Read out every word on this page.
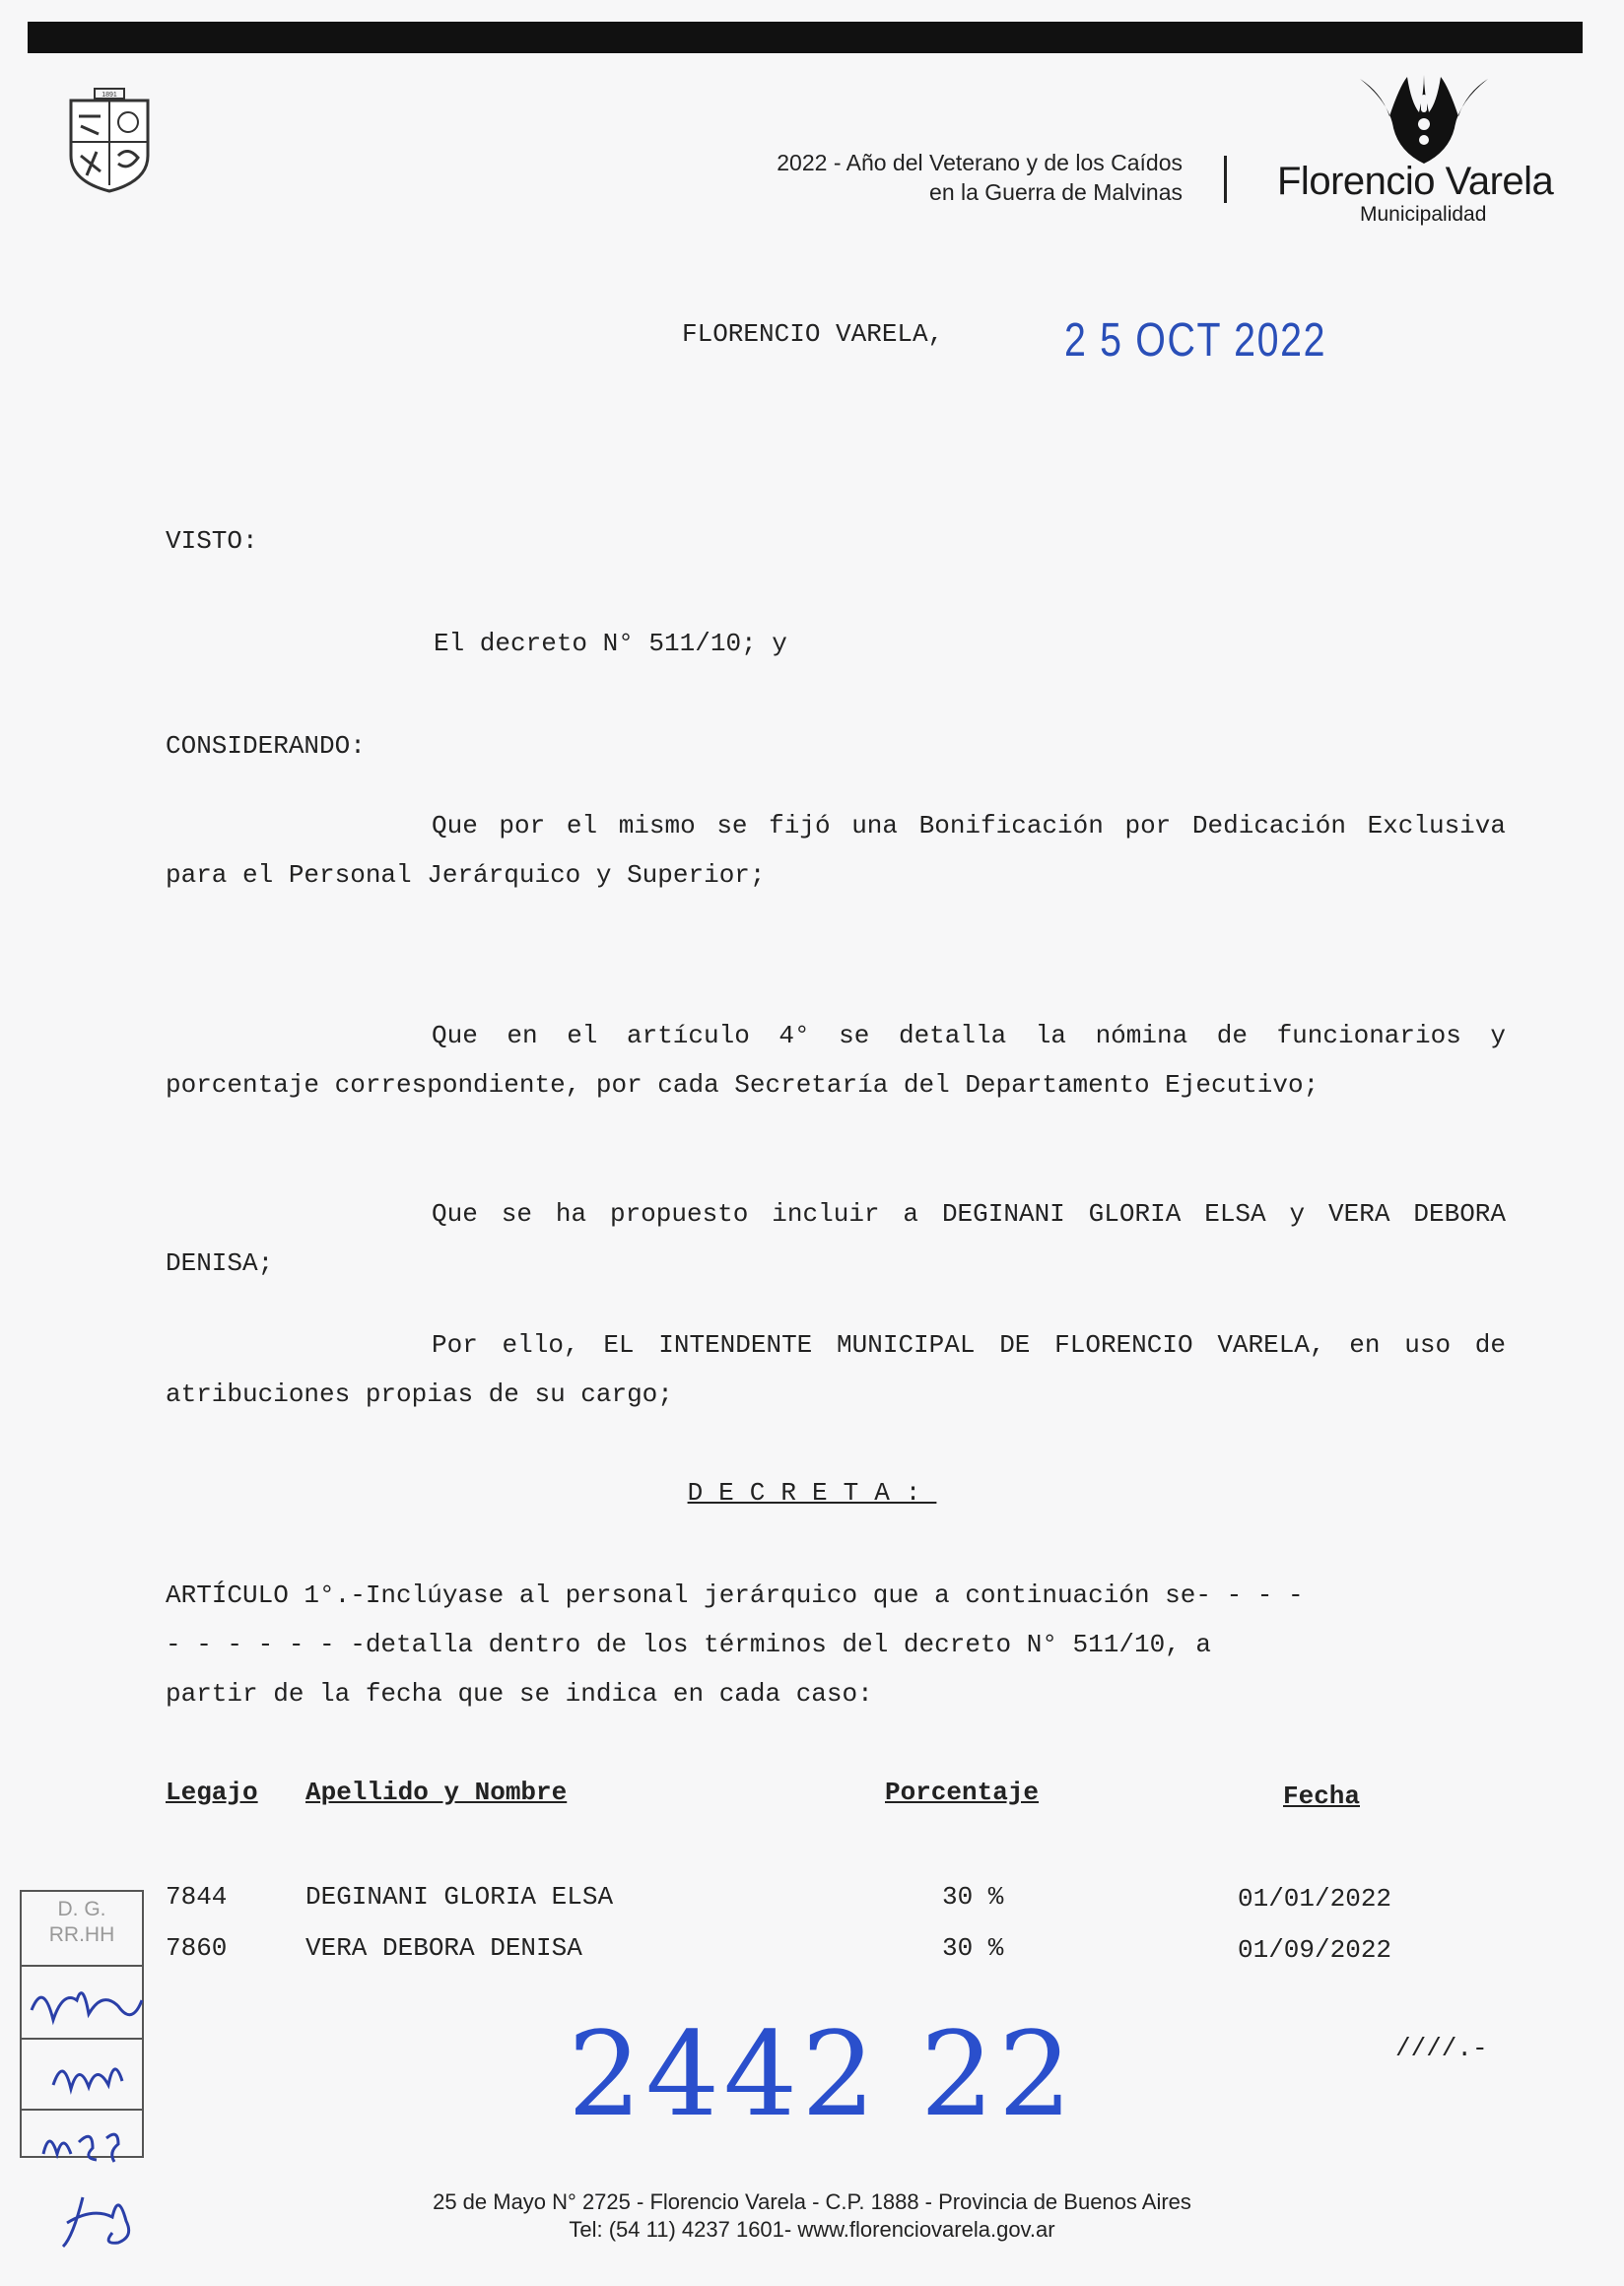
1891
2022 - Año del Veterano y de los Caídos
en la Guerra de Malvinas Florencio Varela
Municipalidad
FLORENCIO VARELA,	2 5 OCT 2022
VISTO:
El decreto N° 511/10; y
CONSIDERANDO:
Que por el mismo se fijó una Bonificación por Dedicación Exclusiva para el Personal Jerárquico y Superior;
Que en el artículo 4° se detalla la nómina de funcionarios y porcentaje correspondiente, por cada Secretaría del Departamento Ejecutivo;
Que se ha propuesto incluir a DEGINANI GLORIA ELSA y VERA DEBORA DENISA;
Por ello, EL INTENDENTE MUNICIPAL DE FLORENCIO VARELA, en uso de atribuciones propias de su cargo;
DECRETA:
ARTÍCULO 1°.-Inclúyase al personal jerárquico que a continuación se- - - -
- - - - - - -detalla dentro de los términos del decreto N° 511/10, a
partir de la fecha que se indica en cada caso:
Legajo Apellido y Nombre	Porcentaje	Fecha
7844	DEGINANI GLORIA ELSA	30 %	01/01/2022
7860	VERA DEBORA DENISA	30 %	01/09/2022
2442 22	////.-
D. G.
RR.HH
25 de Mayo N° 2725 - Florencio Varela - C.P. 1888 - Provincia de Buenos Aires
Tel: (54 11) 4237 1601- www.florenciovarela.gov.ar
